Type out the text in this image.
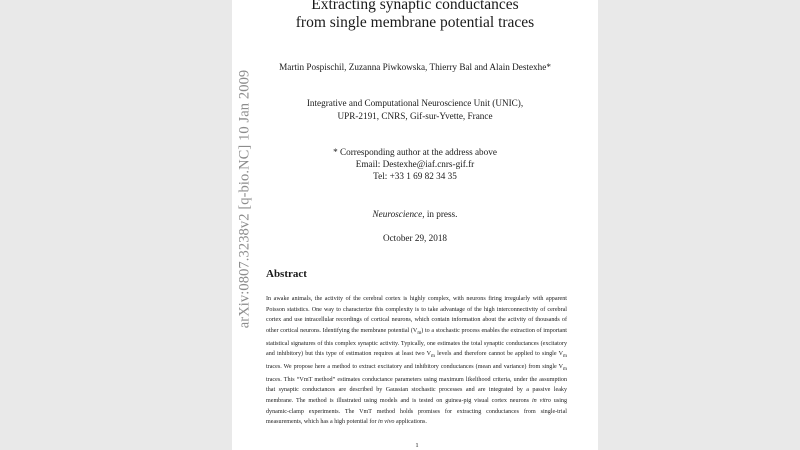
arXiv:0807.3238v2 [q-bio.NC] 10 Jan 2009
Extracting synaptic conductances
from single membrane potential traces
Martin Pospischil, Zuzanna Piwkowska, Thierry Bal and Alain Destexhe*
Integrative and Computational Neuroscience Unit (UNIC),
UPR-2191, CNRS, Gif-sur-Yvette, France
* Corresponding author at the address above
Email: Destexhe@iaf.cnrs-gif.fr
Tel: +33 1 69 82 34 35
Neuroscience, in press.
October 29, 2018
Abstract
In awake animals, the activity of the cerebral cortex is highly complex, with neurons firing irregularly with apparent Poisson statistics. One way to characterize this complexity is to take advantage of the high interconnectivity of cerebral cortex and use intracellular recordings of cortical neurons, which contain information about the activity of thousands of other cortical neurons. Identifying the membrane potential $(V_m)$ to a stochastic process enables the extraction of important statistical signatures of this complex synaptic activity. Typically, one estimates the total synaptic conductances (excitatory and inhibitory) but this type of estimation requires at least two $V_m$ levels and therefore cannot be applied to single $V_m$ traces. We propose here a method to extract excitatory and inhibitory conductances (mean and variance) from single $V_m$ traces. This “VmT method” estimates conductance parameters using maximum likelihood criteria, under the assumption that synaptic conductances are described by Gaussian stochastic processes and are integrated by a passive leaky membrane. The method is illustrated using models and is tested on guinea-pig visual cortex neurons in vitro using dynamic-clamp experiments. The VmT method holds promises for extracting conductances from single-trial measurements, which has a high potential for in vivo applications.
1
